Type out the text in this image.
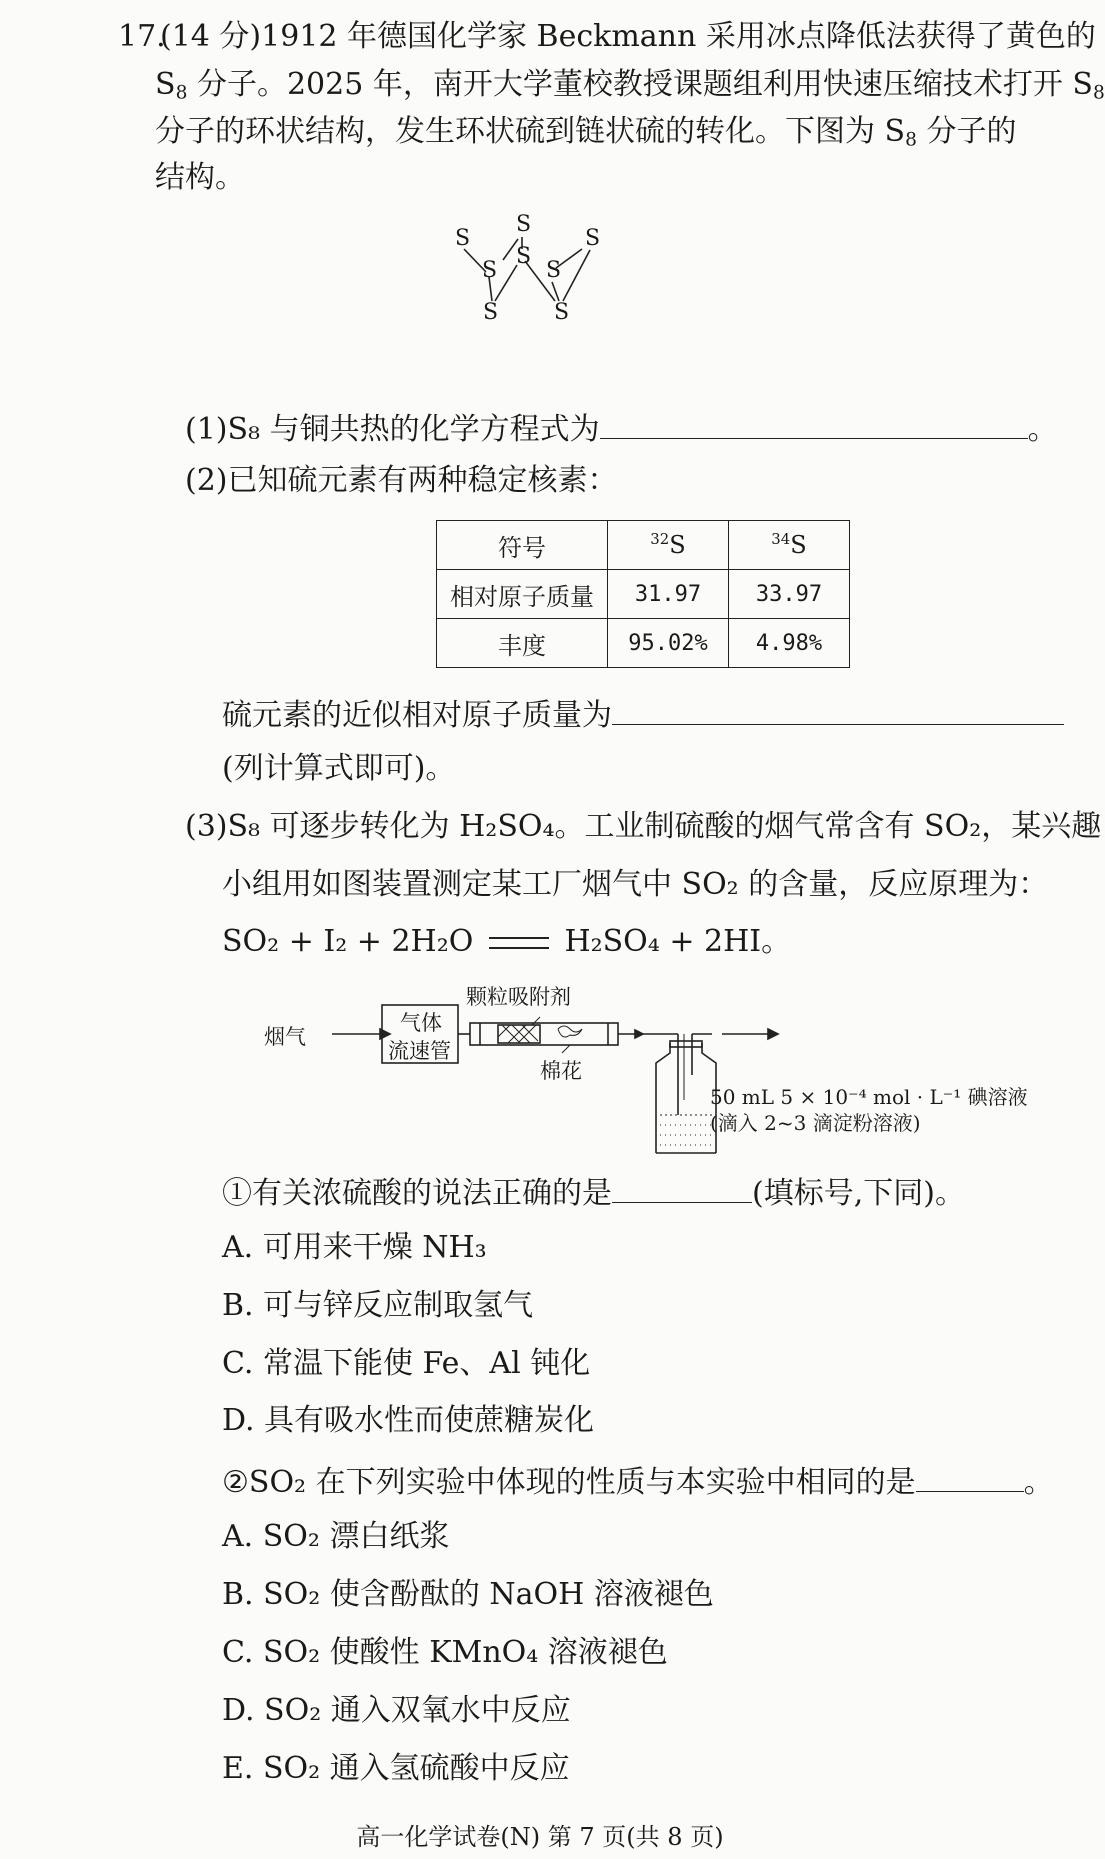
17.
(14 分)1912 年德国化学家 Beckmann 采用冰点降低法获得了黄色的
$S_8$ 分子。2025 年，南开大学董校教授课题组利用快速压缩技术打开 $S_8$
分子的环状结构，发生环状硫到链状硫的转化。下图为 $S_8$ 分子的
结构。
S
S
S
S
S S
S	S
(1)S₈ 与铜共热的化学方程式为	。
(2)已知硫元素有两种稳定核素：
符号	$^{32}$S	$^{34}$S
相对原子质量	31.97	33.97
丰度	95.02%	4.98%
硫元素的近似相对原子质量为
(列计算式即可)。
(3)S₈ 可逐步转化为 H₂SO₄。工业制硫酸的烟气常含有 SO₂，某兴趣
小组用如图装置测定某工厂烟气中 SO₂ 的含量，反应原理为：
SO₂ + I₂ + 2H₂O	H₂SO₄ + 2HI。
烟气
气体
流速管
颗粒吸附剂
棉花
50 mL 5 × 10⁻⁴ mol · L⁻¹ 碘溶液
(滴入 2~3 滴淀粉溶液)
①有关浓硫酸的说法正确的是	(填标号,下同)。
A. 可用来干燥 NH₃
B. 可与锌反应制取氢气
C. 常温下能使 Fe、Al 钝化
D. 具有吸水性而使蔗糖炭化
②SO₂ 在下列实验中体现的性质与本实验中相同的是	。
A. SO₂ 漂白纸浆
B. SO₂ 使含酚酞的 NaOH 溶液褪色
C. SO₂ 使酸性 KMnO₄ 溶液褪色
D. SO₂ 通入双氧水中反应
E. SO₂ 通入氢硫酸中反应
高一化学试卷(N) 第 7 页(共 8 页)
